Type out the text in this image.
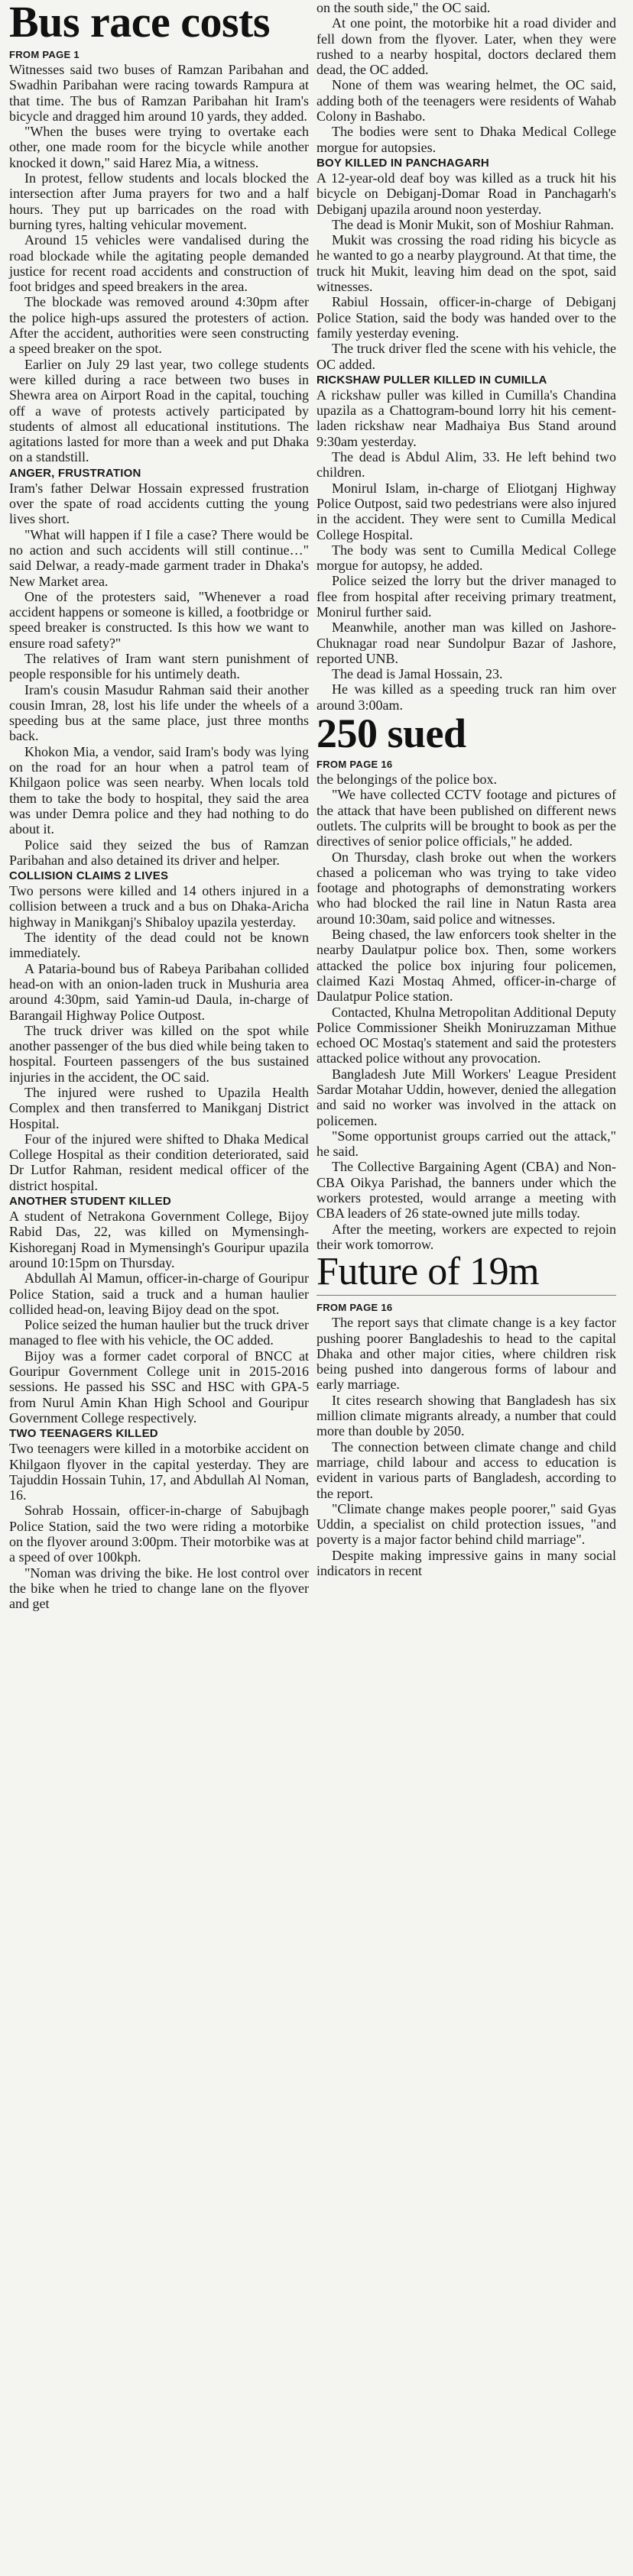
Bus race costs
FROM PAGE 1

Witnesses said two buses of Ramzan Paribahan and Swadhin Paribahan were racing towards Rampura at that time. The bus of Ramzan Paribahan hit Iram's bicycle and dragged him around 10 yards, they added.

"When the buses were trying to overtake each other, one made room for the bicycle while another knocked it down," said Harez Mia, a witness.

In protest, fellow students and locals blocked the intersection after Juma prayers for two and a half hours. They put up barricades on the road with burning tyres, halting vehicular movement.

Around 15 vehicles were vandalised during the road blockade while the agitating people demanded justice for recent road accidents and construction of foot bridges and speed breakers in the area.

The blockade was removed around 4:30pm after the police high-ups assured the protesters of action. After the accident, authorities were seen constructing a speed breaker on the spot.

Earlier on July 29 last year, two college students were killed during a race between two buses in Shewra area on Airport Road in the capital, touching off a wave of protests actively participated by students of almost all educational institutions. The agitations lasted for more than a week and put Dhaka on a standstill.

ANGER, FRUSTRATION

Iram's father Delwar Hossain expressed frustration over the spate of road accidents cutting the young lives short.

"What will happen if I file a case? There would be no action and such accidents will still continue…" said Delwar, a ready-made garment trader in Dhaka's New Market area.

One of the protesters said, "Whenever a road accident happens or someone is killed, a footbridge or speed breaker is constructed. Is this how we want to ensure road safety?"

The relatives of Iram want stern punishment of people responsible for his untimely death.

Iram's cousin Masudur Rahman said their another cousin Imran, 28, lost his life under the wheels of a speeding bus at the same place, just three months back.

Khokon Mia, a vendor, said Iram's body was lying on the road for an hour when a patrol team of Khilgaon police was seen nearby. When locals told them to take the body to hospital, they said the area was under Demra police and they had nothing to do about it.

Police said they seized the bus of Ramzan Paribahan and also detained its driver and helper.

COLLISION CLAIMS 2 LIVES

Two persons were killed and 14 others injured in a collision between a truck and a bus on Dhaka-Aricha highway in Manikganj's Shibaloy upazila yesterday.

The identity of the dead could not be known immediately.

A Pataria-bound bus of Rabeya Paribahan collided head-on with an onion-laden truck in Mushuria area around 4:30pm, said Yamin-ud Daula, in-charge of Barangail Highway Police Outpost.

The truck driver was killed on the spot while another passenger of the bus died while being taken to hospital. Fourteen passengers of the bus sustained injuries in the accident, the OC said.

The injured were rushed to Upazila Health Complex and then transferred to Manikganj District Hospital.

Four of the injured were shifted to Dhaka Medical College Hospital as their condition deteriorated, said Dr Lutfor Rahman, resident medical officer of the district hospital.

ANOTHER STUDENT KILLED

A student of Netrakona Government College, Bijoy Rabid Das, 22, was killed on Mymensingh-Kishoreganj Road in Mymensingh's Gouripur upazila around 10:15pm on Thursday.

Abdullah Al Mamun, officer-in-charge of Gouripur Police Station, said a truck and a human haulier collided head-on, leaving Bijoy dead on the spot.

Police seized the human haulier but the truck driver managed to flee with his vehicle, the OC added.

Bijoy was a former cadet corporal of BNCC at Gouripur Government College unit in 2015-2016 sessions. He passed his SSC and HSC with GPA-5 from Nurul Amin Khan High School and Gouripur Government College respectively.

TWO TEENAGERS KILLED

Two teenagers were killed in a motorbike accident on Khilgaon flyover in the capital yesterday. They are Tajuddin Hossain Tuhin, 17, and Abdullah Al Noman, 16.

Sohrab Hossain, officer-in-charge of Sabujbagh Police Station, said the two were riding a motorbike on the flyover around 3:00pm. Their motorbike was at a speed of over 100kph.

"Noman was driving the bike. He lost control over the bike when he tried to change lane on the flyover and get

on the south side," the OC said.

At one point, the motorbike hit a road divider and fell down from the flyover. Later, when they were rushed to a nearby hospital, doctors declared them dead, the OC added.

None of them was wearing helmet, the OC said, adding both of the teenagers were residents of Wahab Colony in Bashabo.

The bodies were sent to Dhaka Medical College morgue for autopsies.

BOY KILLED IN PANCHAGARH

A 12-year-old deaf boy was killed as a truck hit his bicycle on Debiganj-Domar Road in Panchagarh's Debiganj upazila around noon yesterday.

The dead is Monir Mukit, son of Moshiur Rahman.

Mukit was crossing the road riding his bicycle as he wanted to go a nearby playground. At that time, the truck hit Mukit, leaving him dead on the spot, said witnesses.

Rabiul Hossain, officer-in-charge of Debiganj Police Station, said the body was handed over to the family yesterday evening.

The truck driver fled the scene with his vehicle, the OC added.

RICKSHAW PULLER KILLED IN CUMILLA

A rickshaw puller was killed in Cumilla's Chandina upazila as a Chattogram-bound lorry hit his cement-laden rickshaw near Madhaiya Bus Stand around 9:30am yesterday.

The dead is Abdul Alim, 33. He left behind two children.

Monirul Islam, in-charge of Eliotganj Highway Police Outpost, said two pedestrians were also injured in the accident. They were sent to Cumilla Medical College Hospital.

The body was sent to Cumilla Medical College morgue for autopsy, he added.

Police seized the lorry but the driver managed to flee from hospital after receiving primary treatment, Monirul further said.

Meanwhile, another man was killed on Jashore-Chuknagar road near Sundolpur Bazar of Jashore, reported UNB.

The dead is Jamal Hossain, 23.

He was killed as a speeding truck ran him over around 3:00am.

250 sued
FROM PAGE 16

the belongings of the police box.

"We have collected CCTV footage and pictures of the attack that have been published on different news outlets. The culprits will be brought to book as per the directives of senior police officials," he added.

On Thursday, clash broke out when the workers chased a policeman who was trying to take video footage and photographs of demonstrating workers who had blocked the rail line in Natun Rasta area around 10:30am, said police and witnesses.

Being chased, the law enforcers took shelter in the nearby Daulatpur police box. Then, some workers attacked the police box injuring four policemen, claimed Kazi Mostaq Ahmed, officer-in-charge of Daulatpur Police station.

Contacted, Khulna Metropolitan Additional Deputy Police Commissioner Sheikh Moniruzzaman Mithue echoed OC Mostaq's statement and said the protesters attacked police without any provocation.

Bangladesh Jute Mill Workers' League President Sardar Motahar Uddin, however, denied the allegation and said no worker was involved in the attack on policemen.

"Some opportunist groups carried out the attack," he said.

The Collective Bargaining Agent (CBA) and Non-CBA Oikya Parishad, the banners under which the workers protested, would arrange a meeting with CBA leaders of 26 state-owned jute mills today.

After the meeting, workers are expected to rejoin their work tomorrow.

Future of 19m
FROM PAGE 16

The report says that climate change is a key factor pushing poorer Bangladeshis to head to the capital Dhaka and other major cities, where children risk being pushed into dangerous forms of labour and early marriage.

It cites research showing that Bangladesh has six million climate migrants already, a number that could more than double by 2050.

The connection between climate change and child marriage, child labour and access to education is evident in various parts of Bangladesh, according to the report.

"Climate change makes people poorer," said Gyas Uddin, a specialist on child protection issues, "and poverty is a major factor behind child marriage".

Despite making impressive gains in many social indicators in recent
